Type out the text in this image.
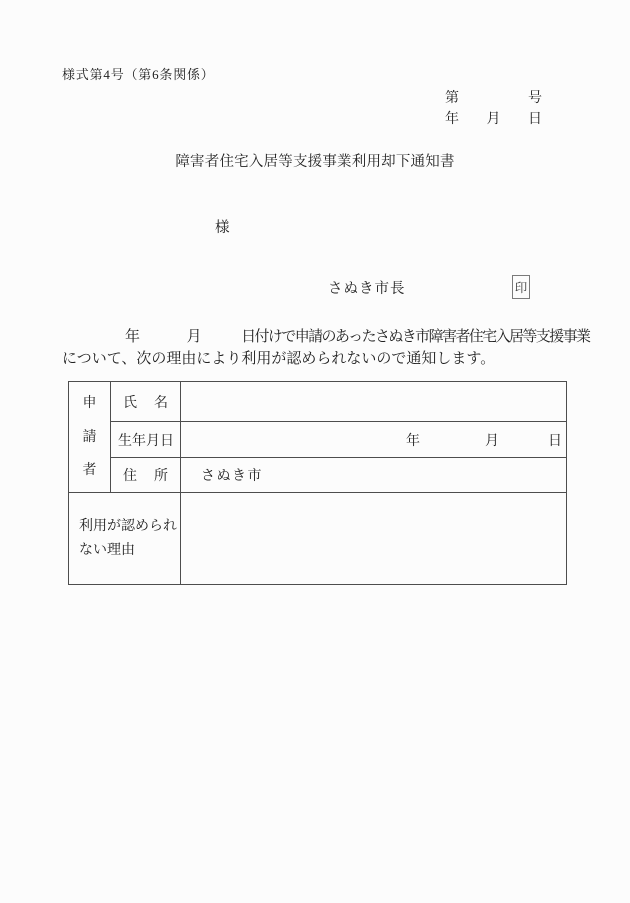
様式第4号（第6条関係）
第	号
年 月 日
障害者住宅入居等支援事業利用却下通知書
様
さぬき市長	印
年	月	日付けで申請のあったさぬき市障害者住宅入居等支援事業
について、次の理由により利用が認められないので通知します。
申
請
者
氏 名
生 年 月 日	年	月	日
住 所 さぬき市
利用が認められ
ない理由
